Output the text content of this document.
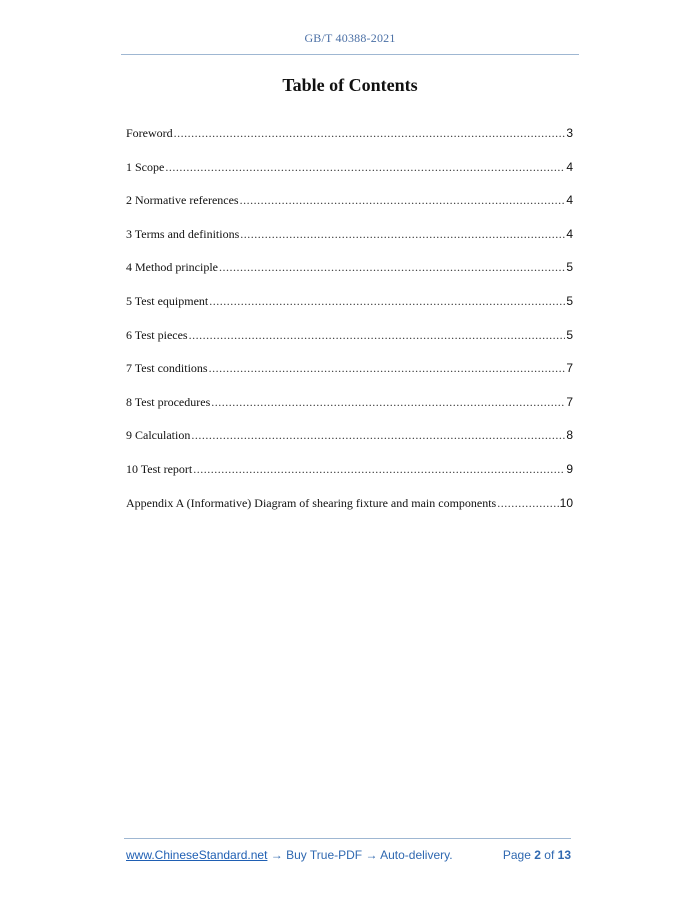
GB/T 40388-2021
Table of Contents
Foreword .....	3
1 Scope .....	4
2 Normative references .....	4
3 Terms and definitions .....	4
4 Method principle .....	5
5 Test equipment .....	5
6 Test pieces .....	5
7 Test conditions .....	7
8 Test procedures .....	7
9 Calculation .....	8
10 Test report .....	9
Appendix A (Informative) Diagram of shearing fixture and main components .....	10
www.ChineseStandard.net → Buy True-PDF → Auto-delivery.	Page 2 of 13
